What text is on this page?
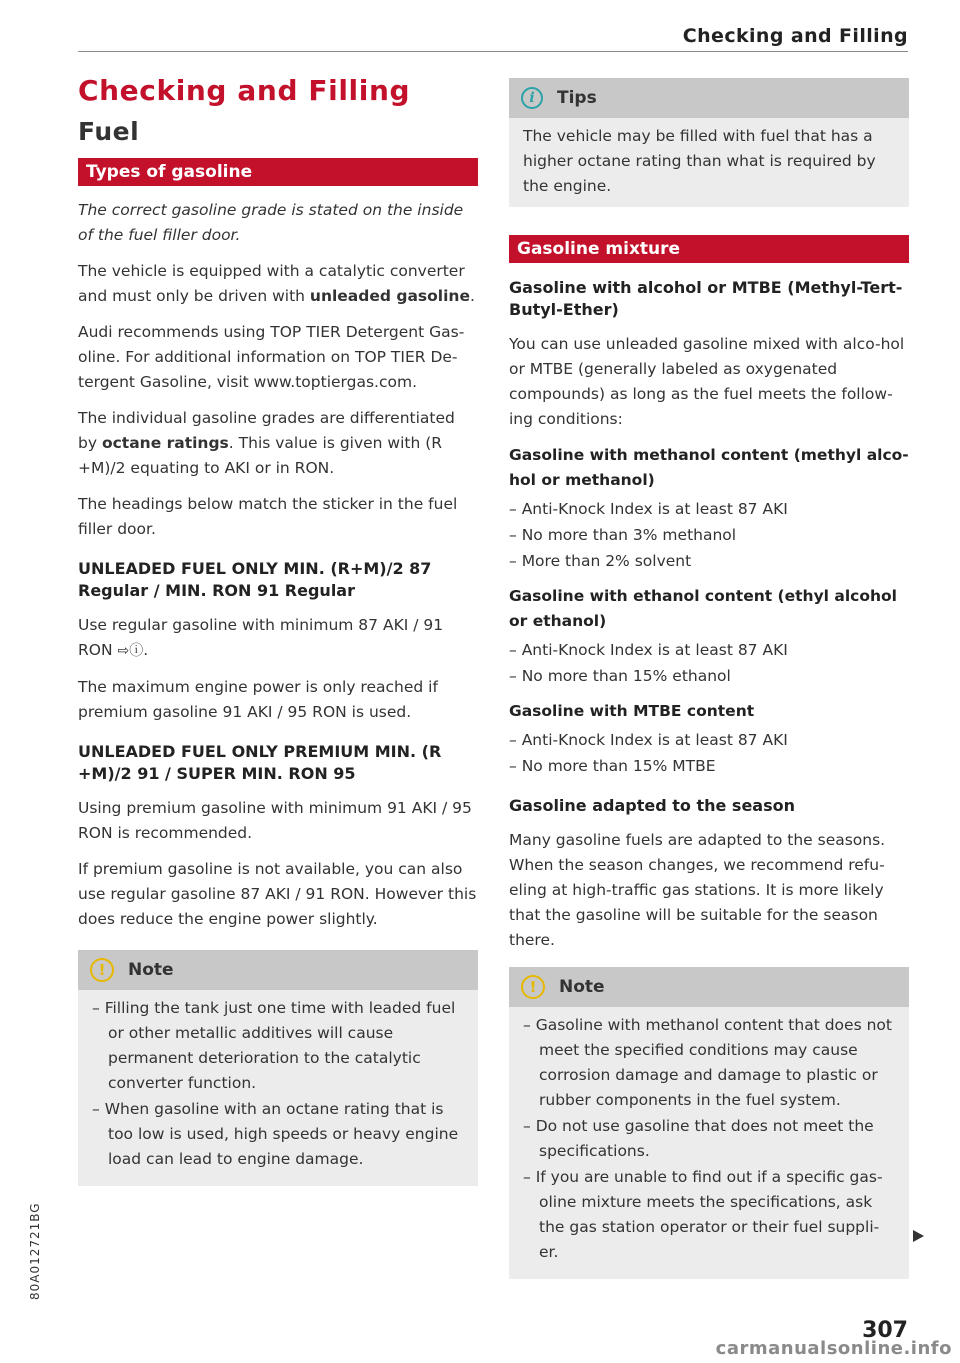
Checking and Filling
80A012721BG
Checking and Filling
Fuel
Types of gasoline

The correct gasoline grade is stated on the inside of the fuel filler door.

The vehicle is equipped with a catalytic converter and must only be driven with unleaded gasoline.

Audi recommends using TOP TIER Detergent Gas-oline. For additional information on TOP TIER De-tergent Gasoline, visit www.toptiergas.com.

The individual gasoline grades are differentiated by octane ratings. This value is given with (R +M)/2 equating to AKI or in RON.

The headings below match the sticker in the fuel filler door.

UNLEADED FUEL ONLY MIN. (R+M)/2 87 Regular / MIN. RON 91 Regular

Use regular gasoline with minimum 87 AKI / 91 RON ⇨ⓘ.

The maximum engine power is only reached if premium gasoline 91 AKI / 95 RON is used.

UNLEADED FUEL ONLY PREMIUM MIN. (R +M)/2 91 / SUPER MIN. RON 95

Using premium gasoline with minimum 91 AKI / 95 RON is recommended.

If premium gasoline is not available, you can also use regular gasoline 87 AKI / 91 RON. However this does reduce the engine power slightly.

!	Note
– Filling the tank just one time with leaded fuel or other metallic additives will cause permanent deterioration to the catalytic converter function.
– When gasoline with an octane rating that is too low is used, high speeds or heavy engine load can lead to engine damage.
i	Tips

The vehicle may be filled with fuel that has a higher octane rating than what is required by the engine.

Gasoline mixture
Gasoline with alcohol or MTBE (Methyl-Tert-Butyl-Ether)

You can use unleaded gasoline mixed with alco-hol or MTBE (generally labeled as oxygenated compounds) as long as the fuel meets the follow-ing conditions:

Gasoline with methanol content (methyl alco-hol or methanol)
– Anti-Knock Index is at least 87 AKI
– No more than 3% methanol
– More than 2% solvent
Gasoline with ethanol content (ethyl alcohol or ethanol)
– Anti-Knock Index is at least 87 AKI
– No more than 15% ethanol
Gasoline with MTBE content
– Anti-Knock Index is at least 87 AKI
– No more than 15% MTBE
Gasoline adapted to the season

Many gasoline fuels are adapted to the seasons. When the season changes, we recommend refu-eling at high-traffic gas stations. It is more likely that the gasoline will be suitable for the season there.

!	Note
– Gasoline with methanol content that does not meet the specified conditions may cause corrosion damage and damage to plastic or rubber components in the fuel system.
– Do not use gasoline that does not meet the specifications.
– If you are unable to find out if a specific gas-oline mixture meets the specifications, ask the gas station operator or their fuel suppli-er.
307
carmanualsonline.info
